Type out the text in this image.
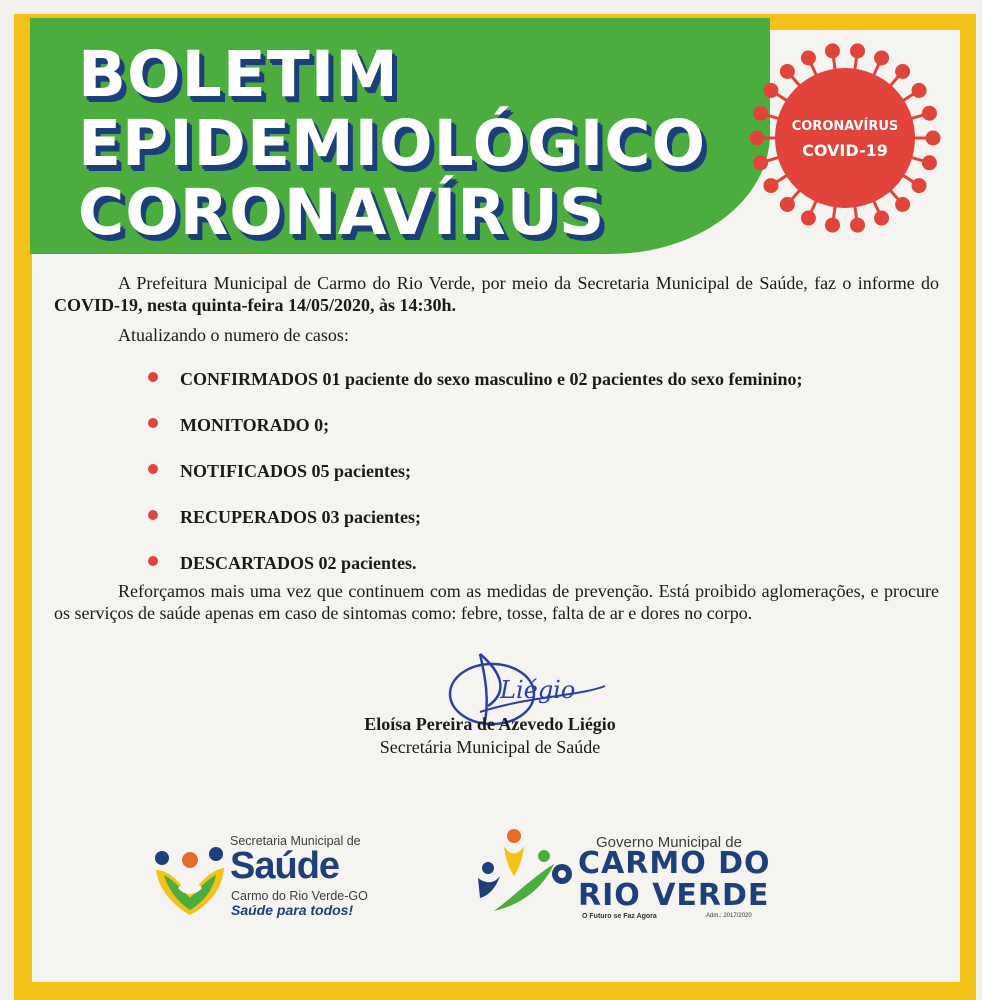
BOLETIM
EPIDEMIOLÓGICO
CORONAVÍRUS
CORONAVÍRUS
COVID-19
A Prefeitura Municipal de Carmo do Rio Verde, por meio da Secretaria Municipal de Saúde, faz o informe do COVID-19, nesta quinta-feira 14/05/2020, às 14:30h.
Atualizando o numero de casos:
CONFIRMADOS 01 paciente do sexo masculino e 02 pacientes do sexo feminino;
MONITORADO 0;
NOTIFICADOS 05 pacientes;
RECUPERADOS 03 pacientes;
DESCARTADOS 02 pacientes.
Reforçamos mais uma vez que continuem com as medidas de prevenção. Está proibido aglomerações, e procure os serviços de saúde apenas em caso de sintomas como: febre, tosse, falta de ar e dores no corpo.
Liégio
Eloísa Pereira de Azevedo Liégio
Secretária Municipal de Saúde
Secretaria Municipal de
Saúde
Carmo do Rio Verde-GO
Saúde para todos!
Governo Municipal de
CARMO DO
RIO VERDE
O Futuro se Faz Agora	Adm.: 2017/2020
